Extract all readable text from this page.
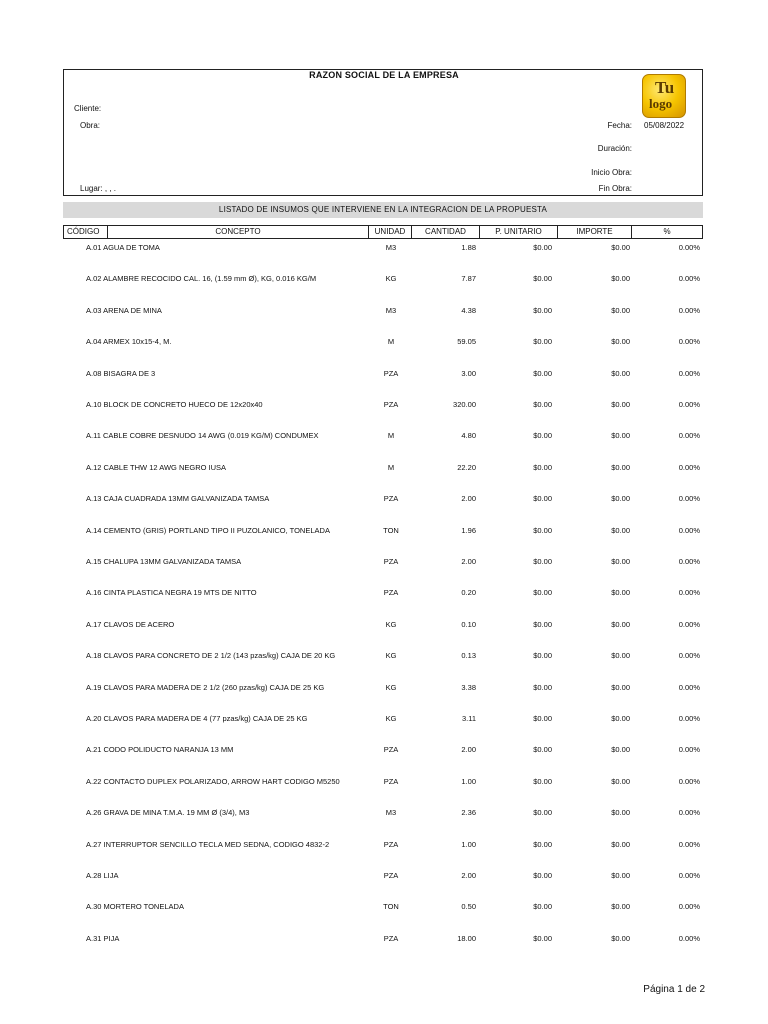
RAZON SOCIAL DE LA EMPRESA
Cliente:
Obra:
Lugar: , , .
Fecha: 05/08/2022
Duración:
Inicio Obra:
Fin Obra:
Tu
logo
LISTADO DE INSUMOS QUE INTERVIENE EN LA INTEGRACION DE LA PROPUESTA
CÓDIGO	CONCEPTO	UNIDAD	CANTIDAD	P. UNITARIO	IMPORTE	%
A.01 AGUA DE TOMA	M3	1.88	$0.00	$0.00	0.00%
A.02 ALAMBRE RECOCIDO CAL. 16, (1.59 mm Ø), KG, 0.016 KG/M	KG	7.87	$0.00	$0.00	0.00%
A.03 ARENA DE MINA	M3	4.38	$0.00	$0.00	0.00%
A.04 ARMEX 10x15-4, M.	M	59.05	$0.00	$0.00	0.00%
A.08 BISAGRA DE 3	PZA	3.00	$0.00	$0.00	0.00%
A.10 BLOCK DE CONCRETO HUECO DE 12x20x40	PZA	320.00	$0.00	$0.00	0.00%
A.11 CABLE COBRE DESNUDO 14 AWG (0.019 KG/M) CONDUMEX	M	4.80	$0.00	$0.00	0.00%
A.12 CABLE THW 12 AWG NEGRO IUSA	M	22.20	$0.00	$0.00	0.00%
A.13 CAJA CUADRADA 13MM GALVANIZADA TAMSA	PZA	2.00	$0.00	$0.00	0.00%
A.14 CEMENTO (GRIS) PORTLAND TIPO II PUZOLANICO, TONELADA	TON	1.96	$0.00	$0.00	0.00%
A.15 CHALUPA 13MM GALVANIZADA TAMSA	PZA	2.00	$0.00	$0.00	0.00%
A.16 CINTA PLASTICA NEGRA 19 MTS DE NITTO	PZA	0.20	$0.00	$0.00	0.00%
A.17 CLAVOS DE ACERO	KG	0.10	$0.00	$0.00	0.00%
A.18 CLAVOS PARA CONCRETO DE 2 1/2 (143 pzas/kg) CAJA DE 20 KG	KG	0.13	$0.00	$0.00	0.00%
A.19 CLAVOS PARA MADERA DE 2 1/2 (260 pzas/kg) CAJA DE 25 KG	KG	3.38	$0.00	$0.00	0.00%
A.20 CLAVOS PARA MADERA DE 4 (77 pzas/kg) CAJA DE 25 KG	KG	3.11	$0.00	$0.00	0.00%
A.21 CODO POLIDUCTO NARANJA 13 MM	PZA	2.00	$0.00	$0.00	0.00%
A.22 CONTACTO DUPLEX POLARIZADO, ARROW HART CODIGO M5250	PZA	1.00	$0.00	$0.00	0.00%
A.26 GRAVA DE MINA T.M.A. 19 MM Ø (3/4), M3	M3	2.36	$0.00	$0.00	0.00%
A.27 INTERRUPTOR SENCILLO TECLA MED SEDNA, CODIGO 4832-2	PZA	1.00	$0.00	$0.00	0.00%
A.28 LIJA	PZA	2.00	$0.00	$0.00	0.00%
A.30 MORTERO TONELADA	TON	0.50	$0.00	$0.00	0.00%
A.31 PIJA	PZA	18.00	$0.00	$0.00	0.00%
Página 1 de 2
